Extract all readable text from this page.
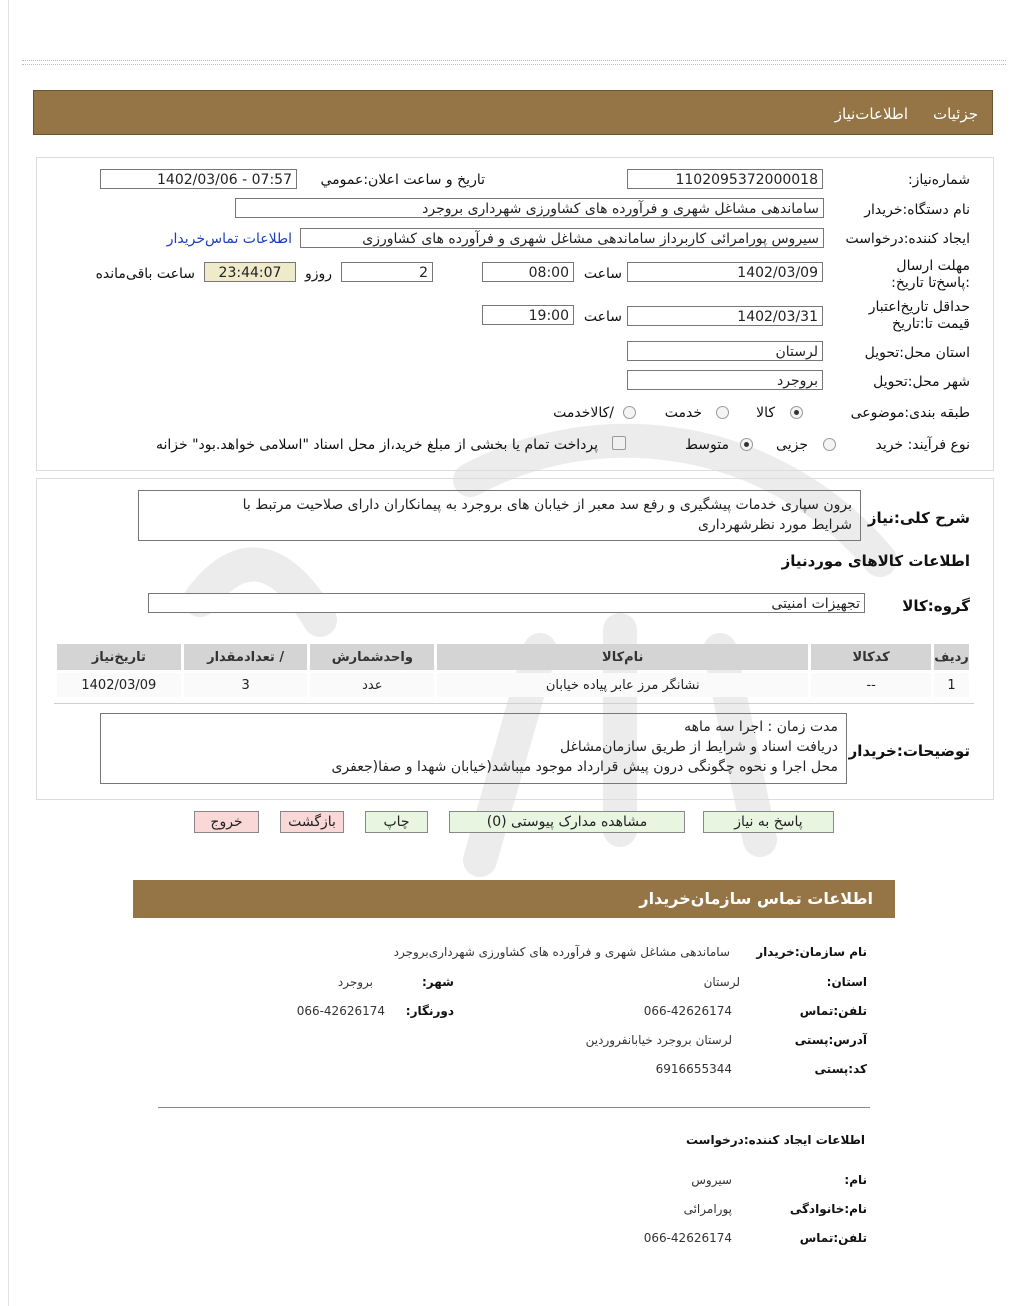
جزئیات
اطلاعات‌نیاز
شماره‌نیاز:
1102095372000018
تاریخ و ساعت اعلان:عمومي
1402/03/06 - 07:57
نام دستگاه‌:خریدار
ساماندهی مشاغل شهری و فرآورده های کشاورزی شهرداری بروجرد
ایجاد کننده:درخواست
سیروس پورامرائی کاربرداز ساماندهی مشاغل شهری و فرآورده های کشاورزی
اطلاعات تماس‌خریدار
مهلت ارسال :پاسخ‌تا تاریخ:
1402/03/09
ساعت
08:00
2
روزو
23:44:07
ساعت باقی‌مانده
حداقل تاریخ‌اعتبار قیمت تا:تاریخ
1402/03/31
ساعت
19:00
استان محل:تحویل
لرستان
شهر محل:تحویل
بروجرد
طبقه بندی:موضوعی
کالا
خدمت
/کالاخدمت
نوع فرآیند: خرید
جزیی
متوسط
پرداخت تمام یا بخشی از مبلغ خرید،از محل اسناد "اسلامی خواهد.بود" خزانه
شرح کلی:نیاز
برون سپاری خدمات پیشگیری و رفع سد معبر از خیابان های بروجرد به پیمانکاران دارای صلاحیت مرتبط با
شرایط مورد نظرشهرداری
اطلاعات کالاهای موردنیاز
گروه:کالا
تجهیزات امنیتی
ردیف	کدکالا	نام‌کالا	واحدشمارش	/ تعدادمقدار	تاریخ‌نیاز
1	--	نشانگر مرز عابر پیاده خیابان	عدد	3	1402/03/09
توضیحات:خریدار
مدت زمان : اجرا سه ماهه
دریافت اسناد و شرایط از طریق سازمان‌مشاغل
محل اجرا و نحوه چگونگی درون پیش قرارداد موجود میباشد(خیابان شهدا و صفا(جعفری
پاسخ به نیاز
مشاهده مدارک پیوستی (0)
چاپ
بازگشت
خروج
اطلاعات تماس سازمان‌خریدار
نام سازمان:خریدار
ساماندهی مشاغل شهری و فرآورده های کشاورزی شهرداری‌بروجرد
استان:
لرستان
شهر:
بروجرد
تلفن:تماس
066-42626174
دورنگار:
066-42626174
آدرس:پستی
لرستان بروجرد خیابانفروردین
کد:پستی
6916655344
اطلاعات ایجاد کننده:درخواست
نام:
سیروس
نام:خانوادگی
پورامرائی
تلفن:تماس
066-42626174
